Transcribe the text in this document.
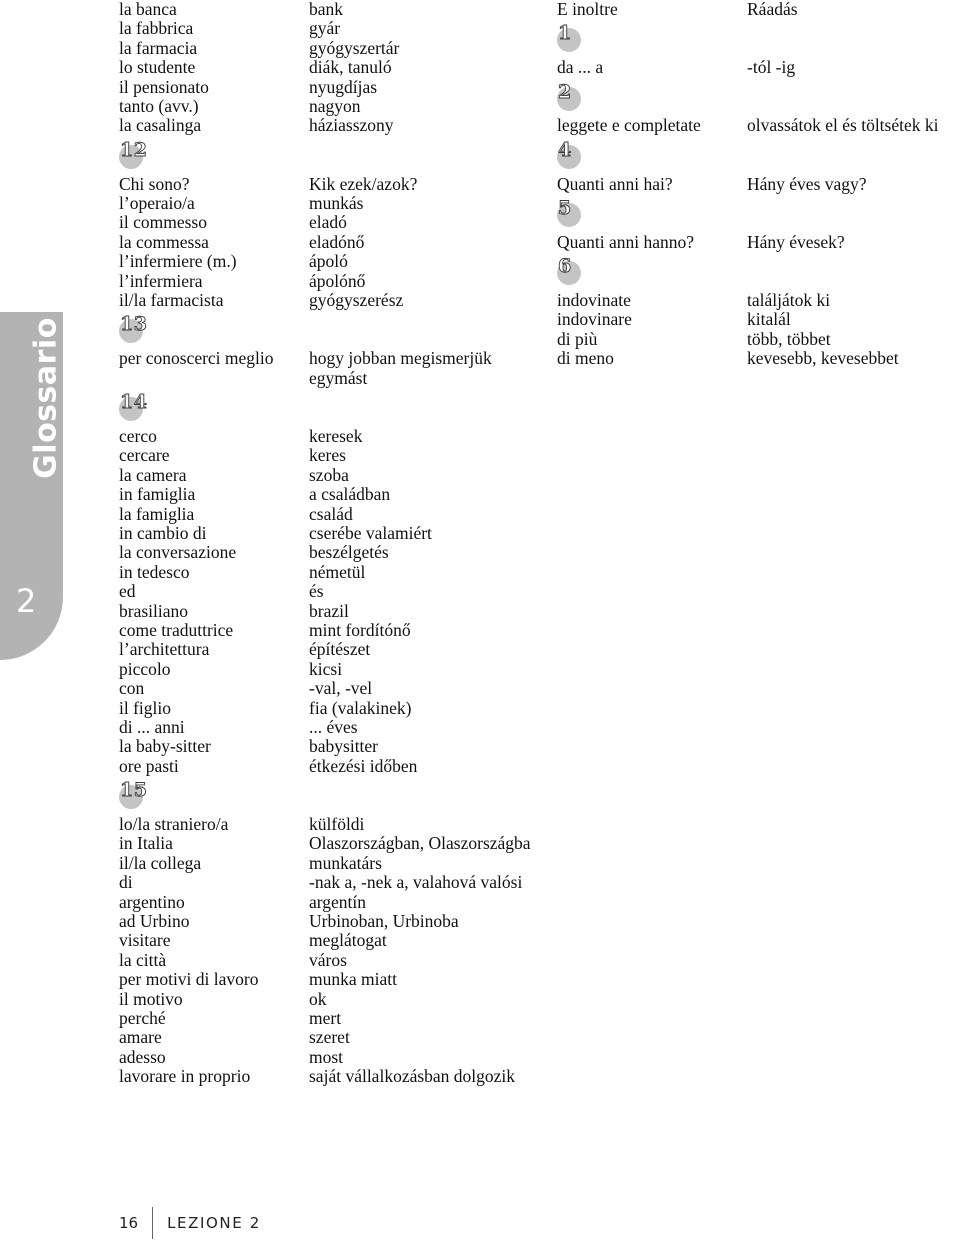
Glossario
2
la banca	bank
la fabbrica	gyár
la farmacia	gyógyszertár
lo studente	diák, tanuló
il pensionato	nyugdíjas
tanto (avv.)	nagyon
la casalinga	háziasszony
12
Chi sono?	Kik ezek/azok?
l’operaio/a	munkás
il commesso	eladó
la commessa	eladónő
l’infermiere (m.)	ápoló
l’infermiera	ápolónő
il/la farmacista	gyógyszerész
13
per conoscerci meglio	hogy jobban megismerjük egymást
14
cerco	keresek
cercare	keres
la camera	szoba
in famiglia	a családban
la famiglia	család
in cambio di	cserébe valamiért
la conversazione	beszélgetés
in tedesco	németül
ed	és
brasiliano	brazil
come traduttrice	mint fordítónő
l’architettura	építészet
piccolo	kicsi
con	-val, -vel
il figlio	fia (valakinek)
di ... anni	... éves
la baby-sitter	babysitter
ore pasti	étkezési időben
15
lo/la straniero/a	külföldi
in Italia	Olaszországban, Olaszországba
il/la collega	munkatárs
di	-nak a, -nek a, valahová valósi
argentino	argentín
ad Urbino	Urbinoban, Urbinoba
visitare	meglátogat
la città	város
per motivi di lavoro	munka miatt
il motivo	ok
perché	mert
amare	szeret
adesso	most
lavorare in proprio	saját vállalkozásban dolgozik
E inoltre	Ráadás
1
da ... a	-tól -ig
2
leggete e completate	olvassátok el és töltsétek ki
4
Quanti anni hai?	Hány éves vagy?
5
Quanti anni hanno?	Hány évesek?
6
indovinate	találjátok ki
indovinare	kitalál
di più	több, többet
di meno	kevesebb, kevesebbet
16 LEZIONE 2
